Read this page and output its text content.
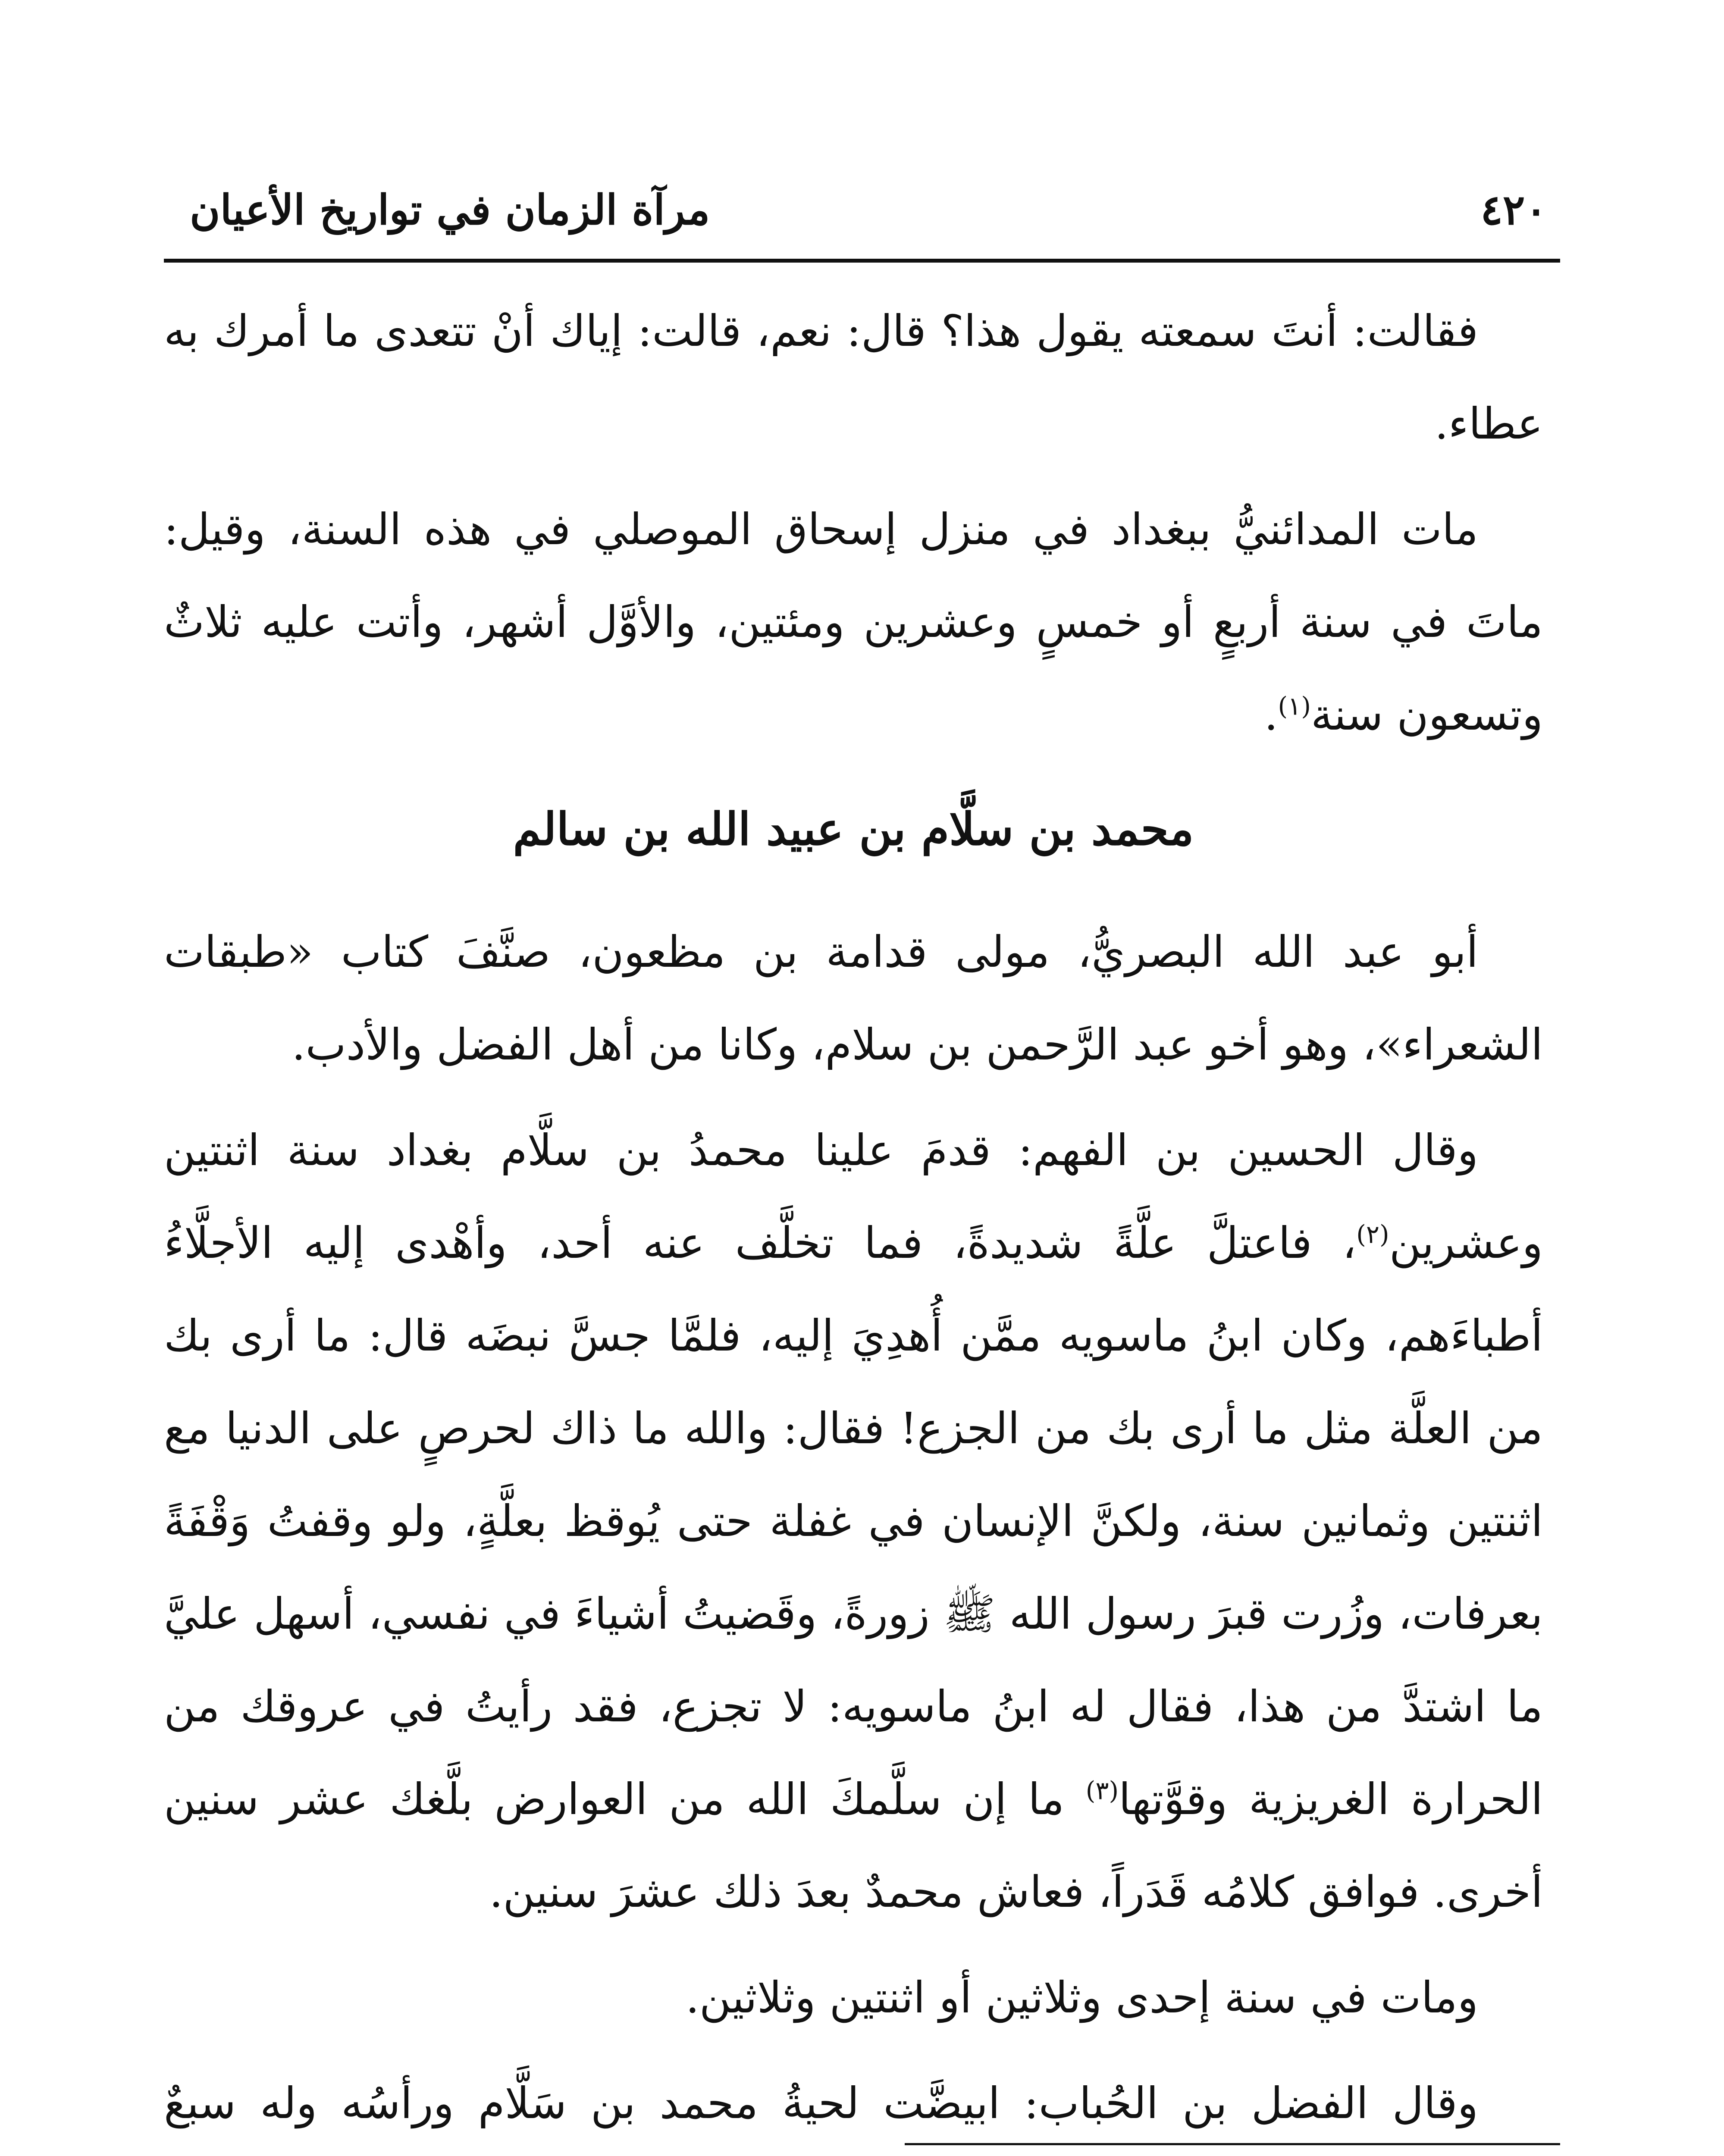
٤٢٠
مرآة الزمان في تواريخ الأعيان

فقالت: أنتَ سمعته يقول هذا؟ قال: نعم، قالت: إياك أنْ تتعدى ما أمرك به عطاء.

مات المدائنيُّ ببغداد في منزل إسحاق الموصلي في هذه السنة، وقيل: ماتَ في سنة أربعٍ أو خمسٍ وعشرين ومئتين، والأوَّل أشهر، وأتت عليه ثلاثٌ وتسعون سنة$^{(١)}$.

محمد بن سلَّام بن عبيد الله بن سالم

أبو عبد الله البصريُّ، مولى قدامة بن مظعون، صنَّفَ كتاب «طبقات الشعراء»، وهو أخو عبد الرَّحمن بن سلام، وكانا من أهل الفضل والأدب.

وقال الحسين بن الفهم: قدمَ علينا محمدُ بن سلَّام بغداد سنة اثنتين وعشرين$^{(٢)}$، فاعتلَّ علَّةً شديدةً، فما تخلَّف عنه أحد، وأهْدى إليه الأجلَّاءُ أطباءَهم، وكان ابنُ ماسويه ممَّن أُهدِيَ إليه، فلمَّا جسَّ نبضَه قال: ما أرى بك من العلَّة مثل ما أرى بك من الجزع! فقال: والله ما ذاك لحرصٍ على الدنيا مع اثنتين وثمانين سنة، ولكنَّ الإنسان في غفلة حتى يُوقظ بعلَّةٍ، ولو وقفتُ وَقْفَةً بعرفات، وزُرت قبرَ رسول الله ﷺ زورةً، وقَضيتُ أشياءَ في نفسي، أسهل عليَّ ما اشتدَّ من هذا، فقال له ابنُ ماسويه: لا تجزع، فقد رأيتُ في عروقك من الحرارة الغريزية وقوَّتها$^{(٣)}$ ما إن سلَّمكَ الله من العوارض بلَّغك عشر سنين أخرى. فوافق كلامُه قَدَراً، فعاش محمدٌ بعدَ ذلك عشرَ سنين.

ومات في سنة إحدى وثلاثين أو اثنتين وثلاثين.

وقال الفضل بن الحُباب: ابيضَّت لحيةُ محمد بن سَلَّام ورأسُه وله سبعٌ
